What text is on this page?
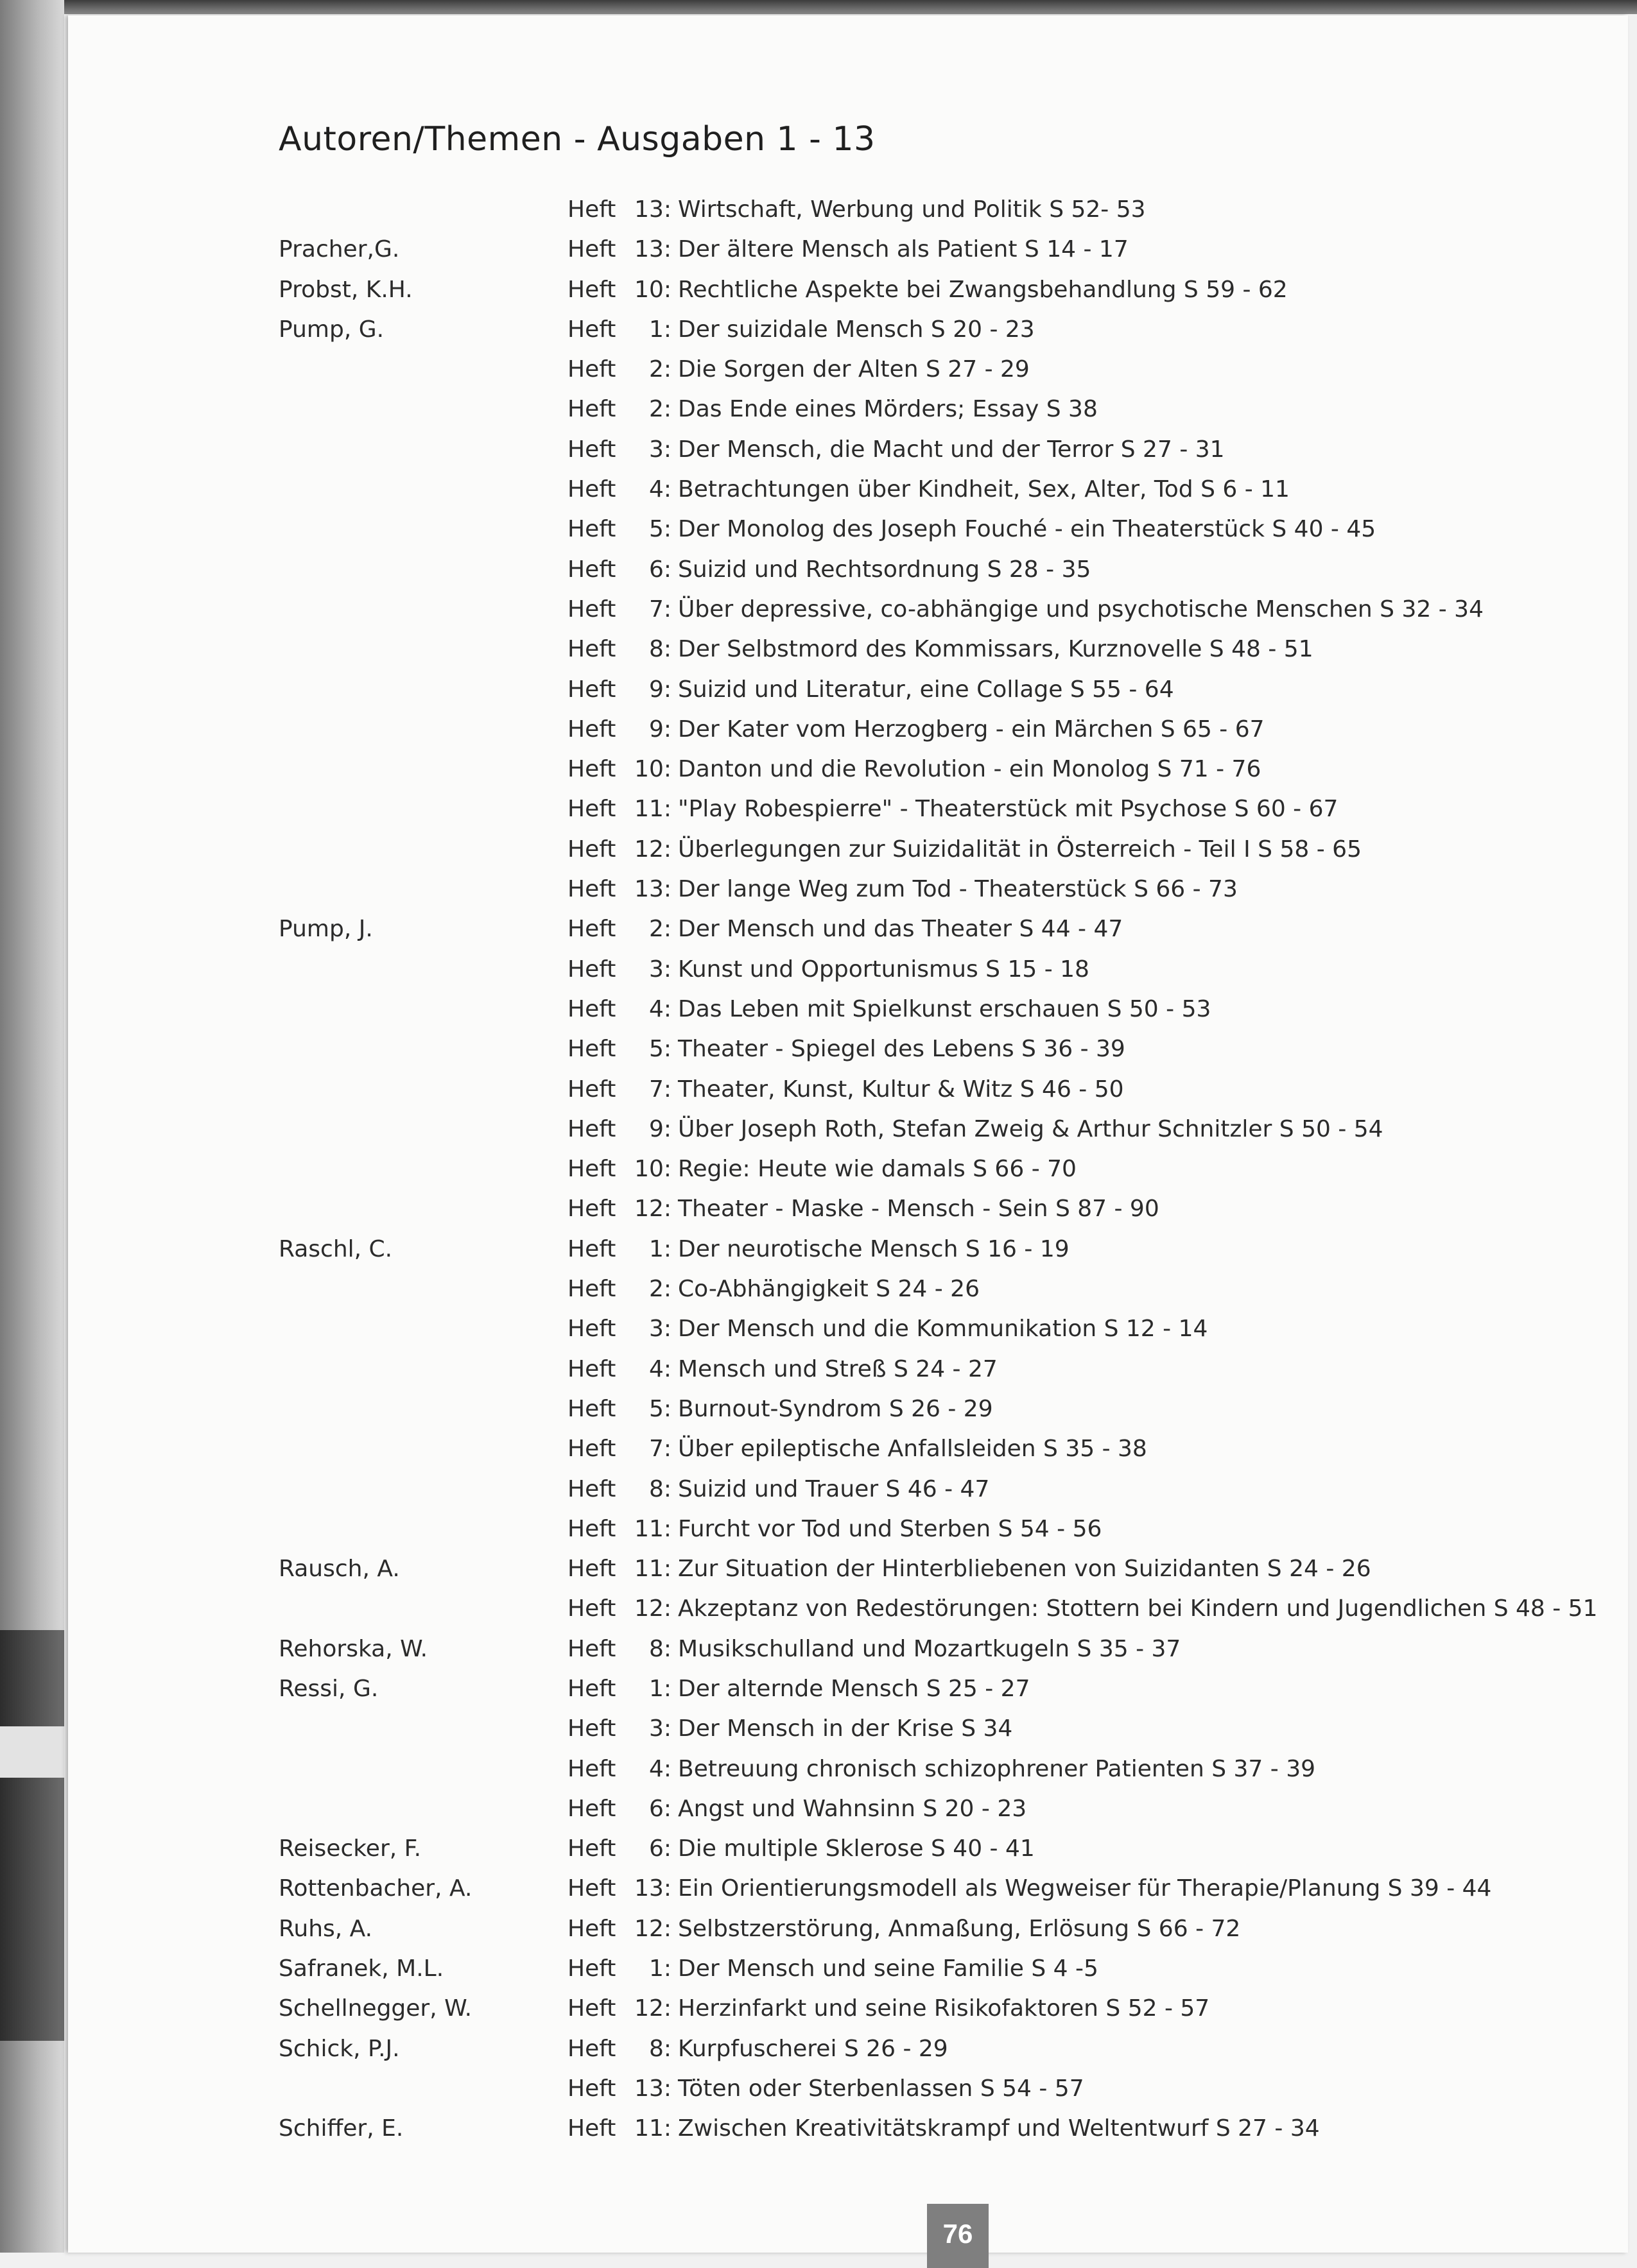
Autoren/Themen - Ausgaben 1 - 13
Heft 13: Wirtschaft, Werbung und Politik S 52- 53
Pracher,G.	Heft 13: Der ältere Mensch als Patient S 14 - 17
Probst, K.H.	Heft 10: Rechtliche Aspekte bei Zwangsbehandlung S 59 - 62
Pump, G.	Heft	1: Der suizidale Mensch S 20 - 23
Heft	2: Die Sorgen der Alten S 27 - 29
Heft	2: Das Ende eines Mörders; Essay S 38
Heft	3: Der Mensch, die Macht und der Terror S 27 - 31
Heft	4: Betrachtungen über Kindheit, Sex, Alter, Tod S 6 - 11
Heft	5: Der Monolog des Joseph Fouché - ein Theaterstück S 40 - 45
Heft	6: Suizid und Rechtsordnung S 28 - 35
Heft	7: Über depressive, co-abhängige und psychotische Menschen S 32 - 34
Heft	8: Der Selbstmord des Kommissars, Kurznovelle S 48 - 51
Heft	9: Suizid und Literatur, eine Collage S 55 - 64
Heft	9: Der Kater vom Herzogberg - ein Märchen S 65 - 67
Heft 10: Danton und die Revolution - ein Monolog S 71 - 76
Heft 11: "Play Robespierre" - Theaterstück mit Psychose S 60 - 67
Heft 12: Überlegungen zur Suizidalität in Österreich - Teil I S 58 - 65
Heft 13: Der lange Weg zum Tod - Theaterstück S 66 - 73
Pump, J.	Heft	2: Der Mensch und das Theater S 44 - 47
Heft	3: Kunst und Opportunismus S 15 - 18
Heft	4: Das Leben mit Spielkunst erschauen S 50 - 53
Heft	5: Theater - Spiegel des Lebens S 36 - 39
Heft	7: Theater, Kunst, Kultur & Witz S 46 - 50
Heft	9: Über Joseph Roth, Stefan Zweig & Arthur Schnitzler S 50 - 54
Heft 10: Regie: Heute wie damals S 66 - 70
Heft 12: Theater - Maske - Mensch - Sein S 87 - 90
Raschl, C.	Heft	1: Der neurotische Mensch S 16 - 19
Heft	2: Co-Abhängigkeit S 24 - 26
Heft	3: Der Mensch und die Kommunikation S 12 - 14
Heft	4: Mensch und Streß S 24 - 27
Heft	5: Burnout-Syndrom S 26 - 29
Heft	7: Über epileptische Anfallsleiden S 35 - 38
Heft	8: Suizid und Trauer S 46 - 47
Heft 11: Furcht vor Tod und Sterben S 54 - 56
Rausch, A.	Heft 11: Zur Situation der Hinterbliebenen von Suizidanten S 24 - 26
Heft 12: Akzeptanz von Redestörungen: Stottern bei Kindern und Jugendlichen S 48 - 51
Rehorska, W.	Heft	8: Musikschulland und Mozartkugeln S 35 - 37
Ressi, G.	Heft	1: Der alternde Mensch S 25 - 27
Heft	3: Der Mensch in der Krise S 34
Heft	4: Betreuung chronisch schizophrener Patienten S 37 - 39
Heft	6: Angst und Wahnsinn S 20 - 23
Reisecker, F.	Heft	6: Die multiple Sklerose S 40 - 41
Rottenbacher, A.	Heft 13: Ein Orientierungsmodell als Wegweiser für Therapie/Planung S 39 - 44
Ruhs, A.	Heft 12: Selbstzerstörung, Anmaßung, Erlösung S 66 - 72
Safranek, M.L.	Heft	1: Der Mensch und seine Familie S 4 -5
Schellnegger, W.	Heft 12: Herzinfarkt und seine Risikofaktoren S 52 - 57
Schick, P.J.	Heft	8: Kurpfuscherei S 26 - 29
Heft 13: Töten oder Sterbenlassen S 54 - 57
Schiffer, E.	Heft 11: Zwischen Kreativitätskrampf und Weltentwurf S 27 - 34
76
